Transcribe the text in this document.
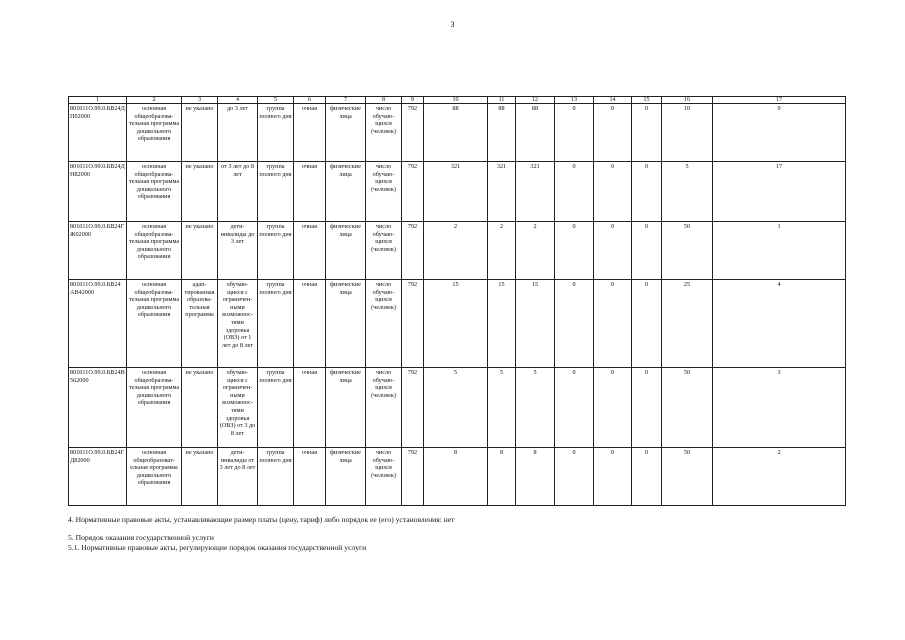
3
1	2	3	4	5	6	7	8	9	10	11	12	13	14	15	16	17
801011О.99.0.БВ24ДП02000	основная общеобразова-тельная программа дошкольного образования	не указано	до 3 лет	группа полного дня	очная	физические лица	число обучаю-щихся (человек)	792	88	88	88	0	0	0	10	9
801011О.99.0.БВ24ДН82000	основная общеобразова-тельная программа дошкольного образования	не указано	от 3 лет до 8 лет	группа полного дня	очная	физические лица	число обучаю-щихся (человек)	792	321	321	321	0	0	0	5	17
801011О.99.0.БВ24ГЖ02000	основная общеобразова-тельная программа дошкольного образования	не указано	дети-инвалиды до 3 лет	группа полного дня	очная	физические лица	число обучаю-щихся (человек)	792	2	2	2	0	0	0	50	1
801011О.99.0.БВ24АВ42000	основная общеобразова-тельная программа дошкольного образования	адап-тированная образова-тельная программа	обучаю-щиеся с ограничен-ными возможнос-тями здоровья (ОВЗ) от 1 лет до 8 лет	группа полного дня	очная	физические лица	число обучаю-щихся (человек)	792	15	15	15	0	0	0	25	4
801011О.99.0.БВ24В562000	основная общеобразова-тельная программа дошкольного образования	не указано	обучаю-щиеся с ограничен-ными возможнос-тями здоровья (ОВЗ) от 3 до 8 лет	группа полного дня	очная	физические лица	число обучаю-щихся (человек)	792	5	5	5	0	0	0	50	3
801011О.99.0.БВ24ГД82000	основная общеобразоват-ельная программа дошкольного образования	не указано	дети-инвалиды от 3 лет до 8 лет	группа полного дня	очная	физические лица	число обучаю-щихся (человек)	792	8	8	8	0	0	0	50	2
4. Нормативные правовые акты, устанавливающие размер платы (цену, тариф) либо порядок ее (его) установления: нет
5. Порядок оказания государственной услуги
5.1. Нормативные правовые акты, регулирующие порядок оказания государственной услуги
